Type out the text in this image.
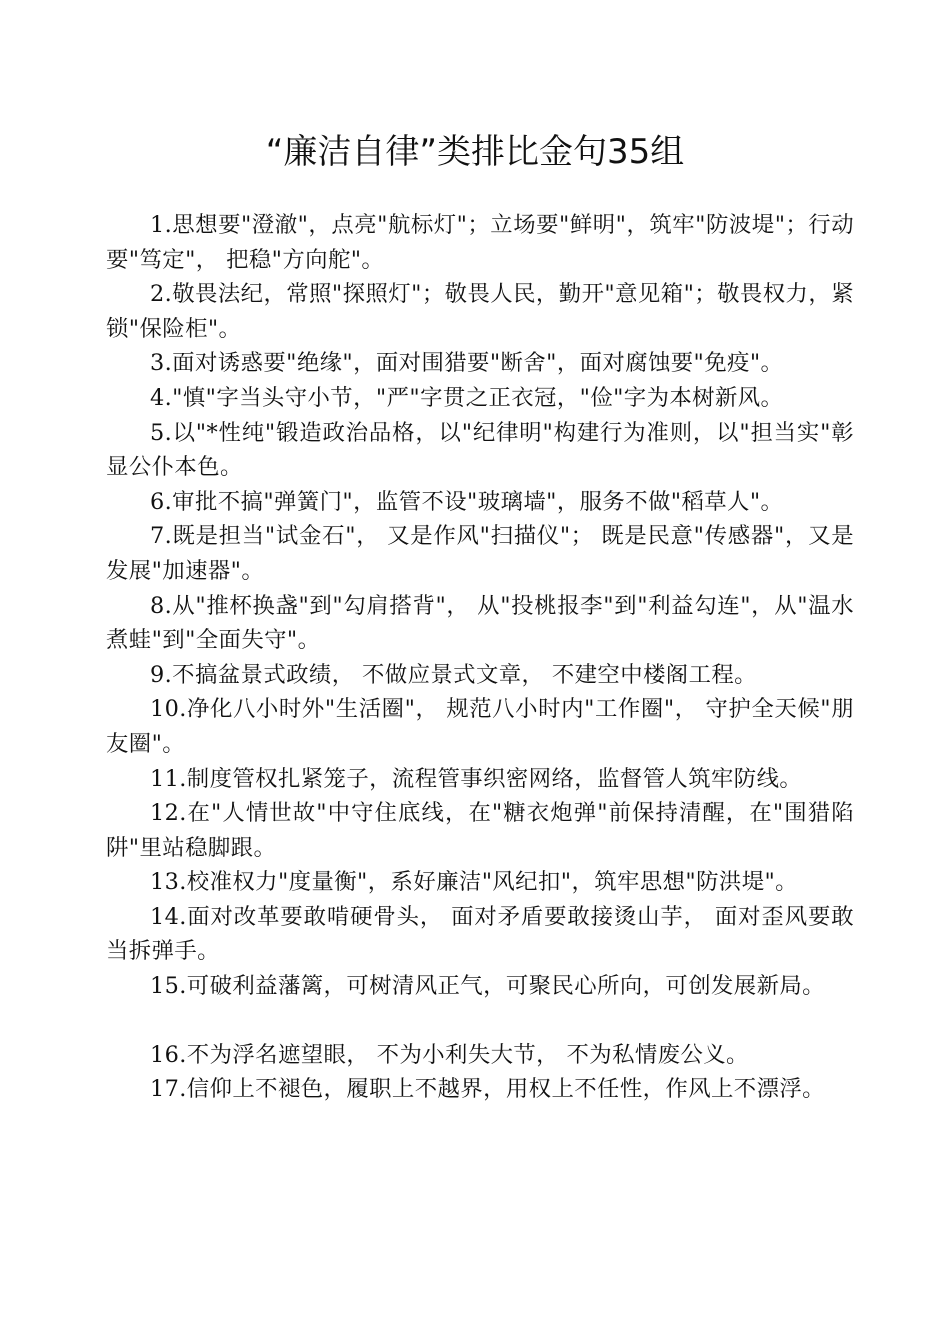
“廉洁自律”类排比金句35组

1.思想要"澄澈"，点亮"航标灯"；立场要"鲜明"，筑牢"防波堤"；行动要"笃定"， 把稳"方向舵"。

2.敬畏法纪，常照"探照灯"；敬畏人民，勤开"意见箱"；敬畏权力，紧锁"保险柜"。

3.面对诱惑要"绝缘"，面对围猎要"断舍"，面对腐蚀要"免疫"。

4."慎"字当头守小节，"严"字贯之正衣冠，"俭"字为本树新风。

5.以"*性纯"锻造政治品格，以"纪律明"构建行为准则，以"担当实"彰显公仆本色。

6.审批不搞"弹簧门"，监管不设"玻璃墙"，服务不做"稻草人"。

7.既是担当"试金石"， 又是作风"扫描仪"； 既是民意"传感器"，又是发展"加速器"。

8.从"推杯换盏"到"勾肩搭背"， 从"投桃报李"到"利益勾连"，从"温水煮蛙"到"全面失守"。

9.不搞盆景式政绩， 不做应景式文章， 不建空中楼阁工程。

10.净化八小时外"生活圈"， 规范八小时内"工作圈"， 守护全天候"朋友圈"。

11.制度管权扎紧笼子，流程管事织密网络，监督管人筑牢防线。

12.在"人情世故"中守住底线，在"糖衣炮弹"前保持清醒，在"围猎陷阱"里站稳脚跟。

13.校准权力"度量衡"，系好廉洁"风纪扣"，筑牢思想"防洪堤"。

14.面对改革要敢啃硬骨头， 面对矛盾要敢接烫山芋， 面对歪风要敢当拆弹手。

15.可破利益藩篱，可树清风正气，可聚民心所向，可创发展新局。

16.不为浮名遮望眼， 不为小利失大节， 不为私情废公义。

17.信仰上不褪色，履职上不越界，用权上不任性，作风上不漂浮。
